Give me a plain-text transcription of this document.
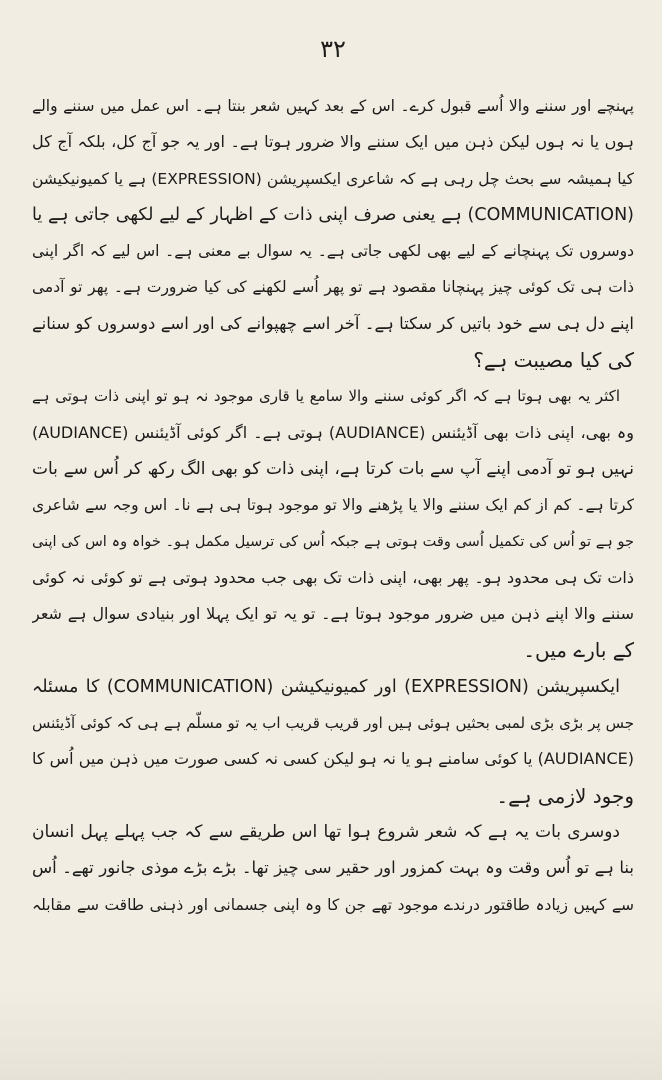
۳۲

پہنچے اور سننے والا اُسے قبول کرے۔ اس کے بعد کہیں شعر بنتا ہے۔ اس عمل میں سننے والے

ہوں یا نہ ہوں لیکن ذہن میں ایک سننے والا ضرور ہوتا ہے۔ اور یہ جو آج کل، بلکہ آج کل

کیا ہمیشہ سے بحث چل رہی ہے کہ شاعری ایکسپریشن (EXPRESSION) ہے یا کمیونیکیشن

(COMMUNICATION) ہے یعنی صرف اپنی ذات کے اظہار کے لیے لکھی جاتی ہے یا

دوسروں تک پہنچانے کے لیے بھی لکھی جاتی ہے۔ یہ سوال بے معنی ہے۔ اس لیے کہ اگر اپنی

ذات ہی تک کوئی چیز پہنچانا مقصود ہے تو پھر اُسے لکھنے کی کیا ضرورت ہے۔ پھر تو آدمی

اپنے دل ہی سے خود باتیں کر سکتا ہے۔ آخر اسے چھپوانے کی اور اسے دوسروں کو سنانے

کی کیا مصیبت ہے؟

اکثر یہ بھی ہوتا ہے کہ اگر کوئی سننے والا سامع یا قاری موجود نہ ہو تو اپنی ذات ہوتی ہے

وہ بھی، اپنی ذات بھی آڈیئنس (AUDIANCE) ہوتی ہے۔ اگر کوئی آڈیئنس (AUDIANCE)

نہیں ہو تو آدمی اپنے آپ سے بات کرتا ہے، اپنی ذات کو بھی الگ رکھ کر اُس سے بات

کرتا ہے۔ کم از کم ایک سننے والا یا پڑھنے والا تو موجود ہوتا ہی ہے نا۔ اس وجہ سے شاعری

جو ہے تو اُس کی تکمیل اُسی وقت ہوتی ہے جبکہ اُس کی ترسیل مکمل ہو۔ خواہ وہ اس کی اپنی

ذات تک ہی محدود ہو۔ پھر بھی، اپنی ذات تک بھی جب محدود ہوتی ہے تو کوئی نہ کوئی

سننے والا اپنے ذہن میں ضرور موجود ہوتا ہے۔ تو یہ تو ایک پہلا اور بنیادی سوال ہے شعر

کے بارے میں۔

ایکسپریشن (EXPRESSION) اور کمیونیکیشن (COMMUNICATION) کا مسئلہ

جس پر بڑی بڑی لمبی بحثیں ہوئی ہیں اور قریب قریب اب یہ تو مسلّم ہے ہی کہ کوئی آڈیئنس

(AUDIANCE) یا کوئی سامنے ہو یا نہ ہو لیکن کسی نہ کسی صورت میں ذہن میں اُس کا

وجود لازمی ہے۔

دوسری بات یہ ہے کہ شعر شروع ہوا تھا اس طریقے سے کہ جب پہلے پہل انسان

بنا ہے تو اُس وقت وہ بہت کمزور اور حقیر سی چیز تھا۔ بڑے بڑے موذی جانور تھے۔ اُس

سے کہیں زیادہ طاقتور درندے موجود تھے جن کا وہ اپنی جسمانی اور ذہنی طاقت سے مقابلہ
